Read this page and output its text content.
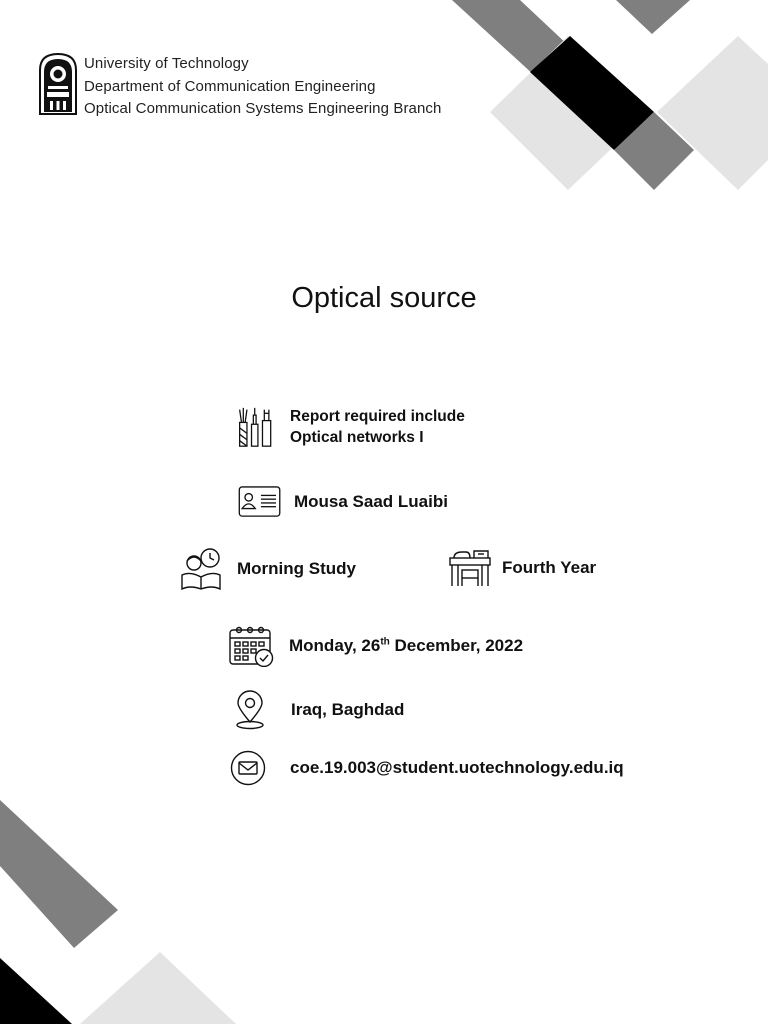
University of Technology
Department of Communication Engineering
Optical Communication Systems Engineering Branch
Optical source
Report required include
Optical networks I
Mousa Saad Luaibi
Morning Study	Fourth Year
Monday, 26th December, 2022
Iraq, Baghdad
coe.19.003@student.uotechnology.edu.iq
